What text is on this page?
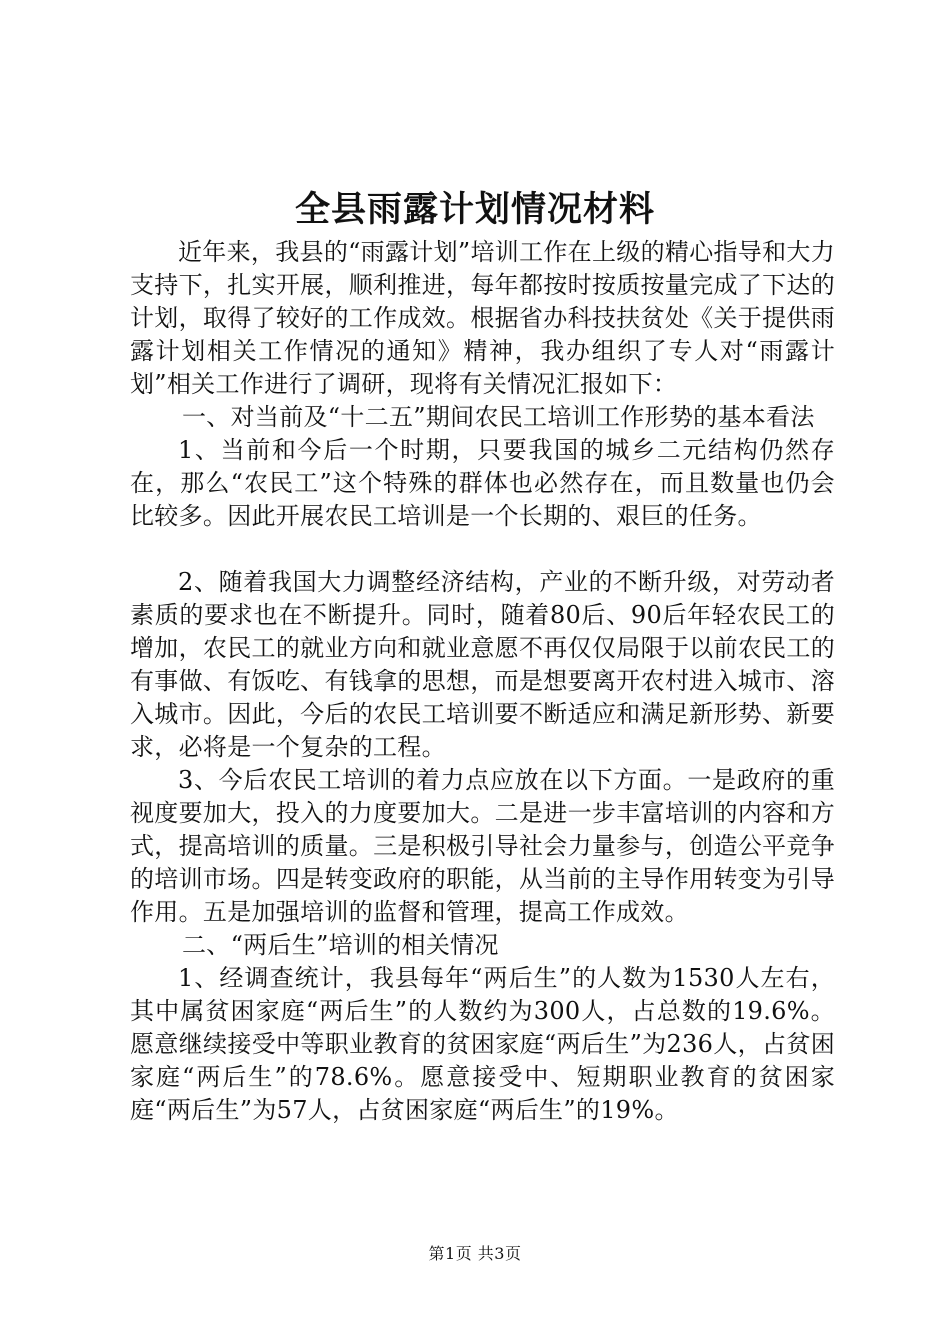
全县雨露计划情况材料

近年来，我县的“雨露计划”培训工作在上级的精心指导和大力支持下，扎实开展，顺利推进，每年都按时按质按量完成了下达的计划，取得了较好的工作成效。根据省办科技扶贫处《关于提供雨露计划相关工作情况的通知》精神，我办组织了专人对“雨露计划”相关工作进行了调研，现将有关情况汇报如下：

一、对当前及“十二五”期间农民工培训工作形势的基本看法

1、当前和今后一个时期，只要我国的城乡二元结构仍然存在，那么“农民工”这个特殊的群体也必然存在，而且数量也仍会比较多。因此开展农民工培训是一个长期的、艰巨的任务。

2、随着我国大力调整经济结构，产业的不断升级，对劳动者素质的要求也在不断提升。同时，随着80后、90后年轻农民工的增加，农民工的就业方向和就业意愿不再仅仅局限于以前农民工的有事做、有饭吃、有钱拿的思想，而是想要离开农村进入城市、溶入城市。因此，今后的农民工培训要不断适应和满足新形势、新要求，必将是一个复杂的工程。

3、今后农民工培训的着力点应放在以下方面。一是政府的重视度要加大，投入的力度要加大。二是进一步丰富培训的内容和方式，提高培训的质量。三是积极引导社会力量参与，创造公平竞争的培训市场。四是转变政府的职能，从当前的主导作用转变为引导作用。五是加强培训的监督和管理，提高工作成效。

二、“两后生”培训的相关情况

1、经调查统计，我县每年“两后生”的人数为1530人左右，其中属贫困家庭“两后生”的人数约为300人，占总数的19.6%。愿意继续接受中等职业教育的贫困家庭“两后生”为236人，占贫困家庭“两后生”的78.6%。愿意接受中、短期职业教育的贫困家庭“两后生”为57人，占贫困家庭“两后生”的19%。

第1页 共3页
